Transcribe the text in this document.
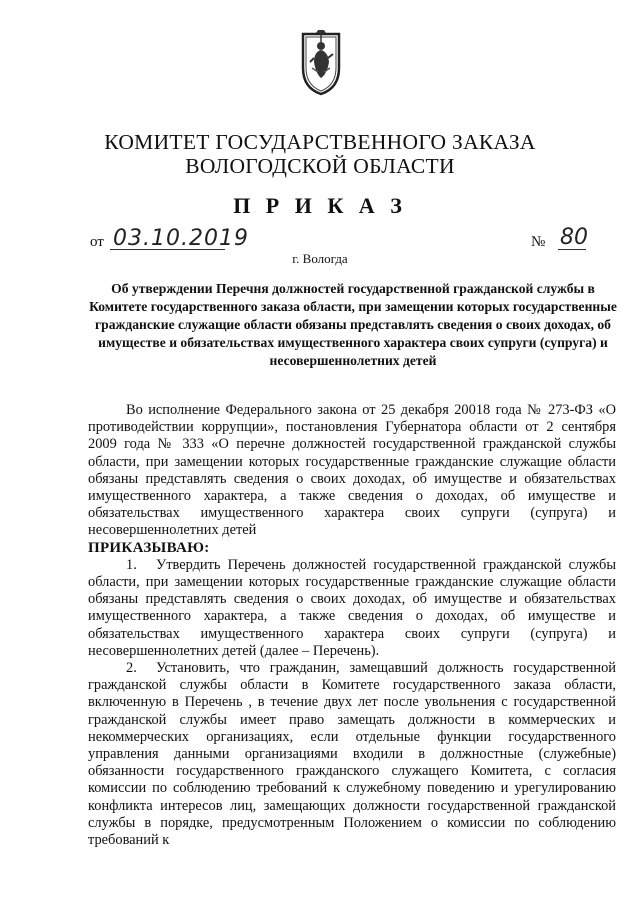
КОМИТЕТ ГОСУДАРСТВЕННОГО ЗАКАЗА
ВОЛОГОДСКОЙ ОБЛАСТИ
П Р И К А З
от 03.10.2019	№ 80
г. Вологда
Об утверждении Перечня должностей государственной гражданской службы в Комитете государственного заказа области, при замещении которых государственные гражданские служащие области обязаны представлять сведения о своих доходах, об имуществе и обязательствах имущественного характера своих супруги (супруга) и несовершеннолетних детей

Во исполнение Федерального закона от 25 декабря 20018 года № 273-ФЗ «О противодействии коррупции», постановления Губернатора области от 2 сентября 2009 года № 333 «О перечне должностей государственной гражданской службы области, при замещении которых государственные гражданские служащие области обязаны представлять сведения о своих доходах, об имуществе и обязательствах имущественного характера, а также сведения о доходах, об имуществе и обязательствах имущественного характера своих супруги (супруга) и несовершеннолетних детей

ПРИКАЗЫВАЮ:

1. Утвердить Перечень должностей государственной гражданской службы области, при замещении которых государственные гражданские служащие области обязаны представлять сведения о своих доходах, об имуществе и обязательствах имущественного характера, а также сведения о доходах, об имуществе и обязательствах имущественного характера своих супруги (супруга) и несовершеннолетних детей (далее – Перечень).

2. Установить, что гражданин, замещавший должность государственной гражданской службы области в Комитете государственного заказа области, включенную в Перечень , в течение двух лет после увольнения с государственной гражданской службы имеет право замещать должности в коммерческих и некоммерческих организациях, если отдельные функции государственного управления данными организациями входили в должностные (служебные) обязанности государственного гражданского служащего Комитета, с согласия комиссии по соблюдению требований к служебному поведению и урегулированию конфликта интересов лиц, замещающих должности государственной гражданской службы в порядке, предусмотренным Положением о комиссии по соблюдению требований к
